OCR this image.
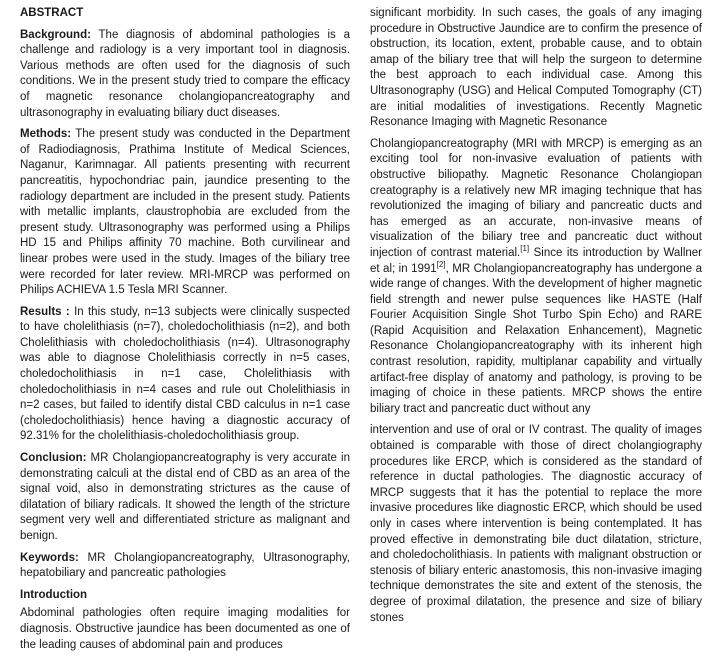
ABSTRACT

Background: The diagnosis of abdominal pathologies is a challenge and radiology is a very important tool in diagnosis. Various methods are often used for the diagnosis of such conditions. We in the present study tried to compare the efficacy of magnetic resonance cholangiopancreatography and ultrasonography in evaluating biliary duct diseases.

Methods: The present study was conducted in the Department of Radiodiagnosis, Prathima Institute of Medical Sciences, Naganur, Karimnagar. All patients presenting with recurrent pancreatitis, hypochondriac pain, jaundice presenting to the radiology department are included in the present study. Patients with metallic implants, claustrophobia are excluded from the present study. Ultrasonography was performed using a Philips HD 15 and Philips affinity 70 machine. Both curvilinear and linear probes were used in the study. Images of the biliary tree were recorded for later review. MRI-MRCP was performed on Philips ACHIEVA 1.5 Tesla MRI Scanner.

Results : In this study, n=13 subjects were clinically suspected to have cholelithiasis (n=7), choledocholithiasis (n=2), and both Cholelithiasis with choledocholithiasis (n=4). Ultrasonography was able to diagnose Cholelithiasis correctly in n=5 cases, choledocholithiasis in n=1 case, Cholelithiasis with choledocholithiasis in n=4 cases and rule out Cholelithiasis in n=2 cases, but failed to identify distal CBD calculus in n=1 case (choledocholithiasis) hence having a diagnostic accuracy of 92.31% for the cholelithiasis-choledocholithiasis group.

Conclusion: MR Cholangiopancreatography is very accurate in demonstrating calculi at the distal end of CBD as an area of the signal void, also in demonstrating strictures as the cause of dilatation of biliary radicals. It showed the length of the stricture segment very well and differentiated stricture as malignant and benign.

Keywords: MR Cholangiopancreatography, Ultrasonography, hepatobiliary and pancreatic pathologies

Introduction

Abdominal pathologies often require imaging modalities for diagnosis. Obstructive jaundice has been documented as one of the leading causes of abdominal pain and produces

significant morbidity. In such cases, the goals of any imaging procedure in Obstructive Jaundice are to confirm the presence of obstruction, its location, extent, probable cause, and to obtain amap of the biliary tree that will help the surgeon to determine the best approach to each individual case. Among this Ultrasonography (USG) and Helical Computed Tomography (CT) are initial modalities of investigations. Recently Magnetic Resonance Imaging with Magnetic Resonance

Cholangiopancreatography (MRI with MRCP) is emerging as an exciting tool for non-invasive evaluation of patients with obstructive biliopathy. Magnetic Resonance Cholangiopan creatography is a relatively new MR imaging technique that has revolutionized the imaging of biliary and pancreatic ducts and has emerged as an accurate, non-invasive means of visualization of the biliary tree and pancreatic duct without injection of contrast material.[1] Since its introduction by Wallner et al; in 1991[2], MR Cholangiopancreatography has undergone a wide range of changes. With the development of higher magnetic field strength and newer pulse sequences like HASTE (Half Fourier Acquisition Single Shot Turbo Spin Echo) and RARE (Rapid Acquisition and Relaxation Enhancement), Magnetic Resonance Cholangiopancreatography with its inherent high contrast resolution, rapidity, multiplanar capability and virtually artifact-free display of anatomy and pathology, is proving to be imaging of choice in these patients. MRCP shows the entire biliary tract and pancreatic duct without any

intervention and use of oral or IV contrast. The quality of images obtained is comparable with those of direct cholangiography procedures like ERCP, which is considered as the standard of reference in ductal pathologies. The diagnostic accuracy of MRCP suggests that it has the potential to replace the more invasive procedures like diagnostic ERCP, which should be used only in cases where intervention is being contemplated. It has proved effective in demonstrating bile duct dilatation, stricture, and choledocholithiasis. In patients with malignant obstruction or stenosis of biliary enteric anastomosis, this non-invasive imaging technique demonstrates the site and extent of the stenosis, the degree of proximal dilatation, the presence and size of biliary stones
